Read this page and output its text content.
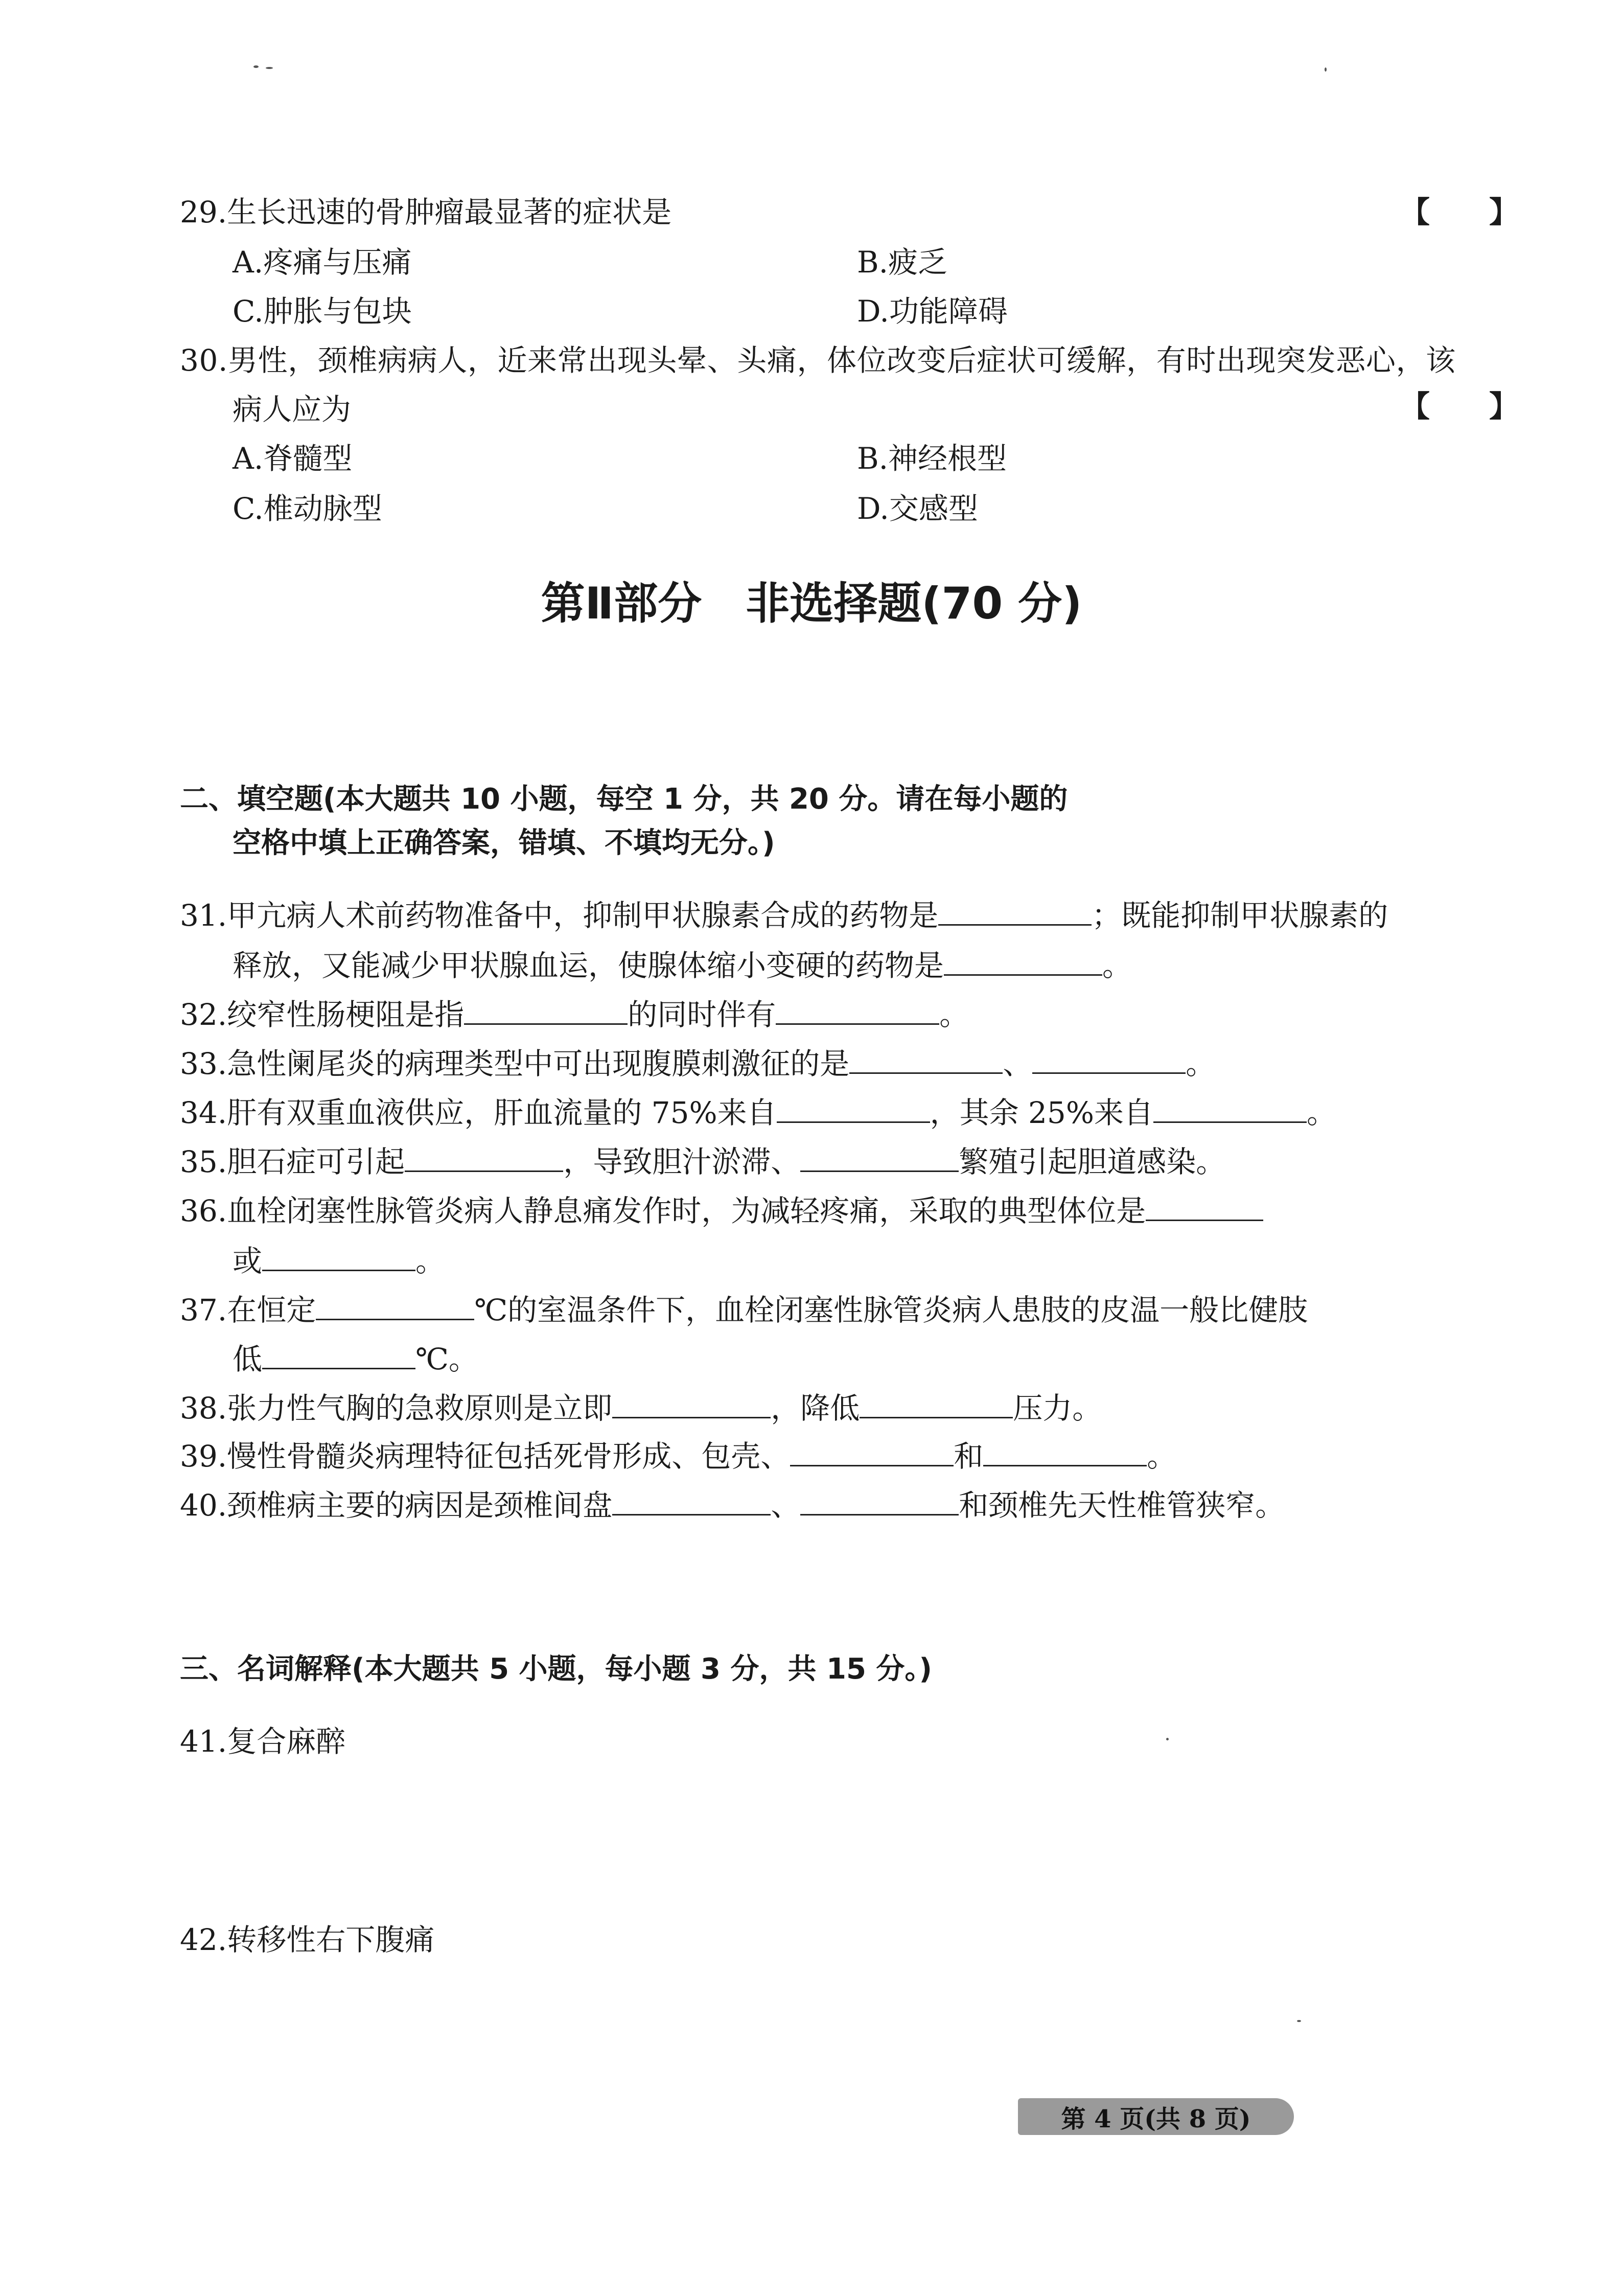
29.生长迅速的骨肿瘤最显著的症状是	【　　】
A.疼痛与压痛	B.疲乏
C.肿胀与包块	D.功能障碍
30.男性，颈椎病病人，近来常出现头晕、头痛，体位改变后症状可缓解，有时出现突发恶心，该
病人应为	【　　】
A.脊髓型	B.神经根型
C.椎动脉型	D.交感型
第Ⅱ部分　非选择题(70 分)
二、填空题(本大题共 10 小题，每空 1 分，共 20 分。请在每小题的
空格中填上正确答案，错填、不填均无分。)
31.甲亢病人术前药物准备中，抑制甲状腺素合成的药物是	；既能抑制甲状腺素的
释放，又能减少甲状腺血运，使腺体缩小变硬的药物是	。
32.绞窄性肠梗阻是指	的同时伴有	。
33.急性阑尾炎的病理类型中可出现腹膜刺激征的是	、	。
34.肝有双重血液供应，肝血流量的 75%来自	，其余 25%来自	。
35.胆石症可引起	，导致胆汁淤滞、	繁殖引起胆道感染。
36.血栓闭塞性脉管炎病人静息痛发作时，为减轻疼痛，采取的典型体位是
或	。
37.在恒定	℃的室温条件下，血栓闭塞性脉管炎病人患肢的皮温一般比健肢
低	℃。
38.张力性气胸的急救原则是立即	，降低	压力。
39.慢性骨髓炎病理特征包括死骨形成、包壳、	和	。
40.颈椎病主要的病因是颈椎间盘	、	和颈椎先天性椎管狭窄。
三、名词解释(本大题共 5 小题，每小题 3 分，共 15 分。)
41.复合麻醉
42.转移性右下腹痛
第 4 页(共 8 页)
